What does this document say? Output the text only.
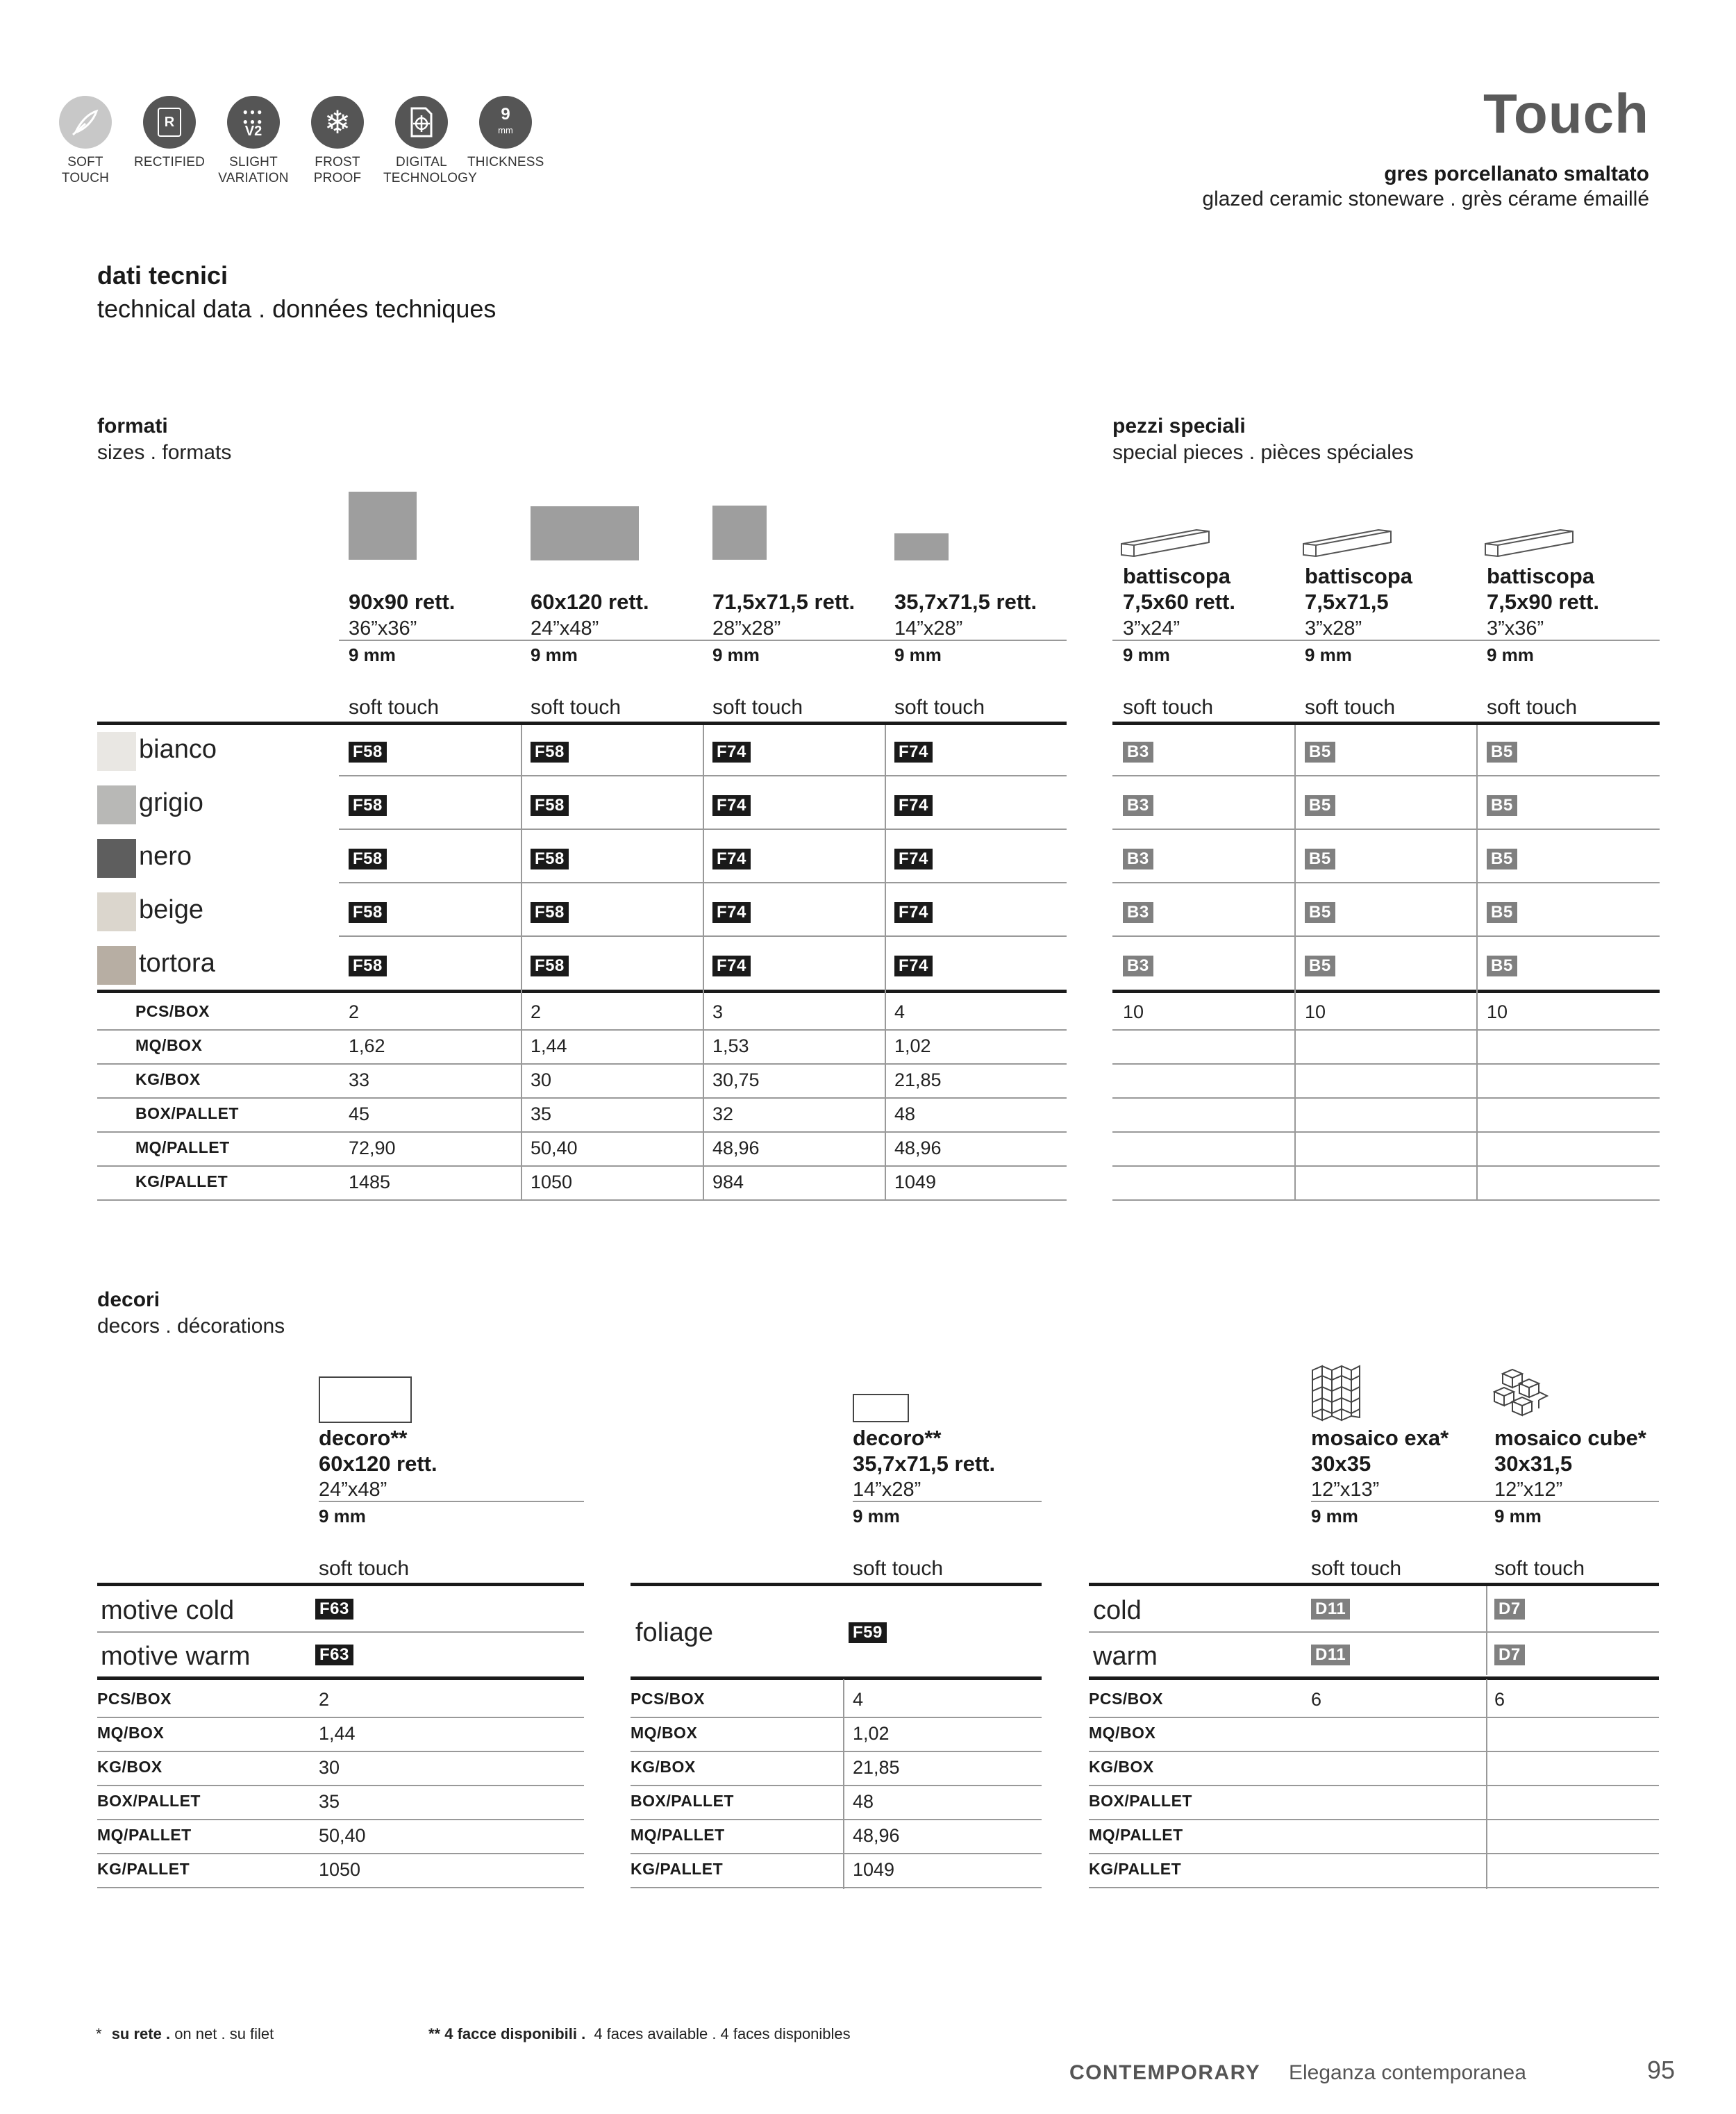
SOFT TOUCH
R
RECTIFIED
●●●
●●●
V2
SLIGHT
VARIATION
❄
FROST
PROOF
DIGITAL
TECHNOLOGY
9
mm
THICKNESS
Touch
gres porcellanato smaltato
glazed ceramic stoneware . grès cérame émaillé
dati tecnici
technical data . données techniques
formati
sizes . formats
pezzi speciali
special pieces . pièces spéciales
90x90 rett.
36”x36”
9 mm
soft touch
60x120 rett.
24”x48”
9 mm
soft touch
71,5x71,5 rett.
28”x28”
9 mm
soft touch
35,7x71,5 rett.
14”x28”
9 mm
soft touch
bianco	F58	F58	F74	F74
grigio	F58	F58	F74	F74
nero	F58	F58	F74	F74
beige	F58	F58	F74	F74
tortora	F58	F58	F74	F74
PCS/BOX	2	2	3	4
MQ/BOX	1,62	1,44	1,53	1,02
KG/BOX	33	30	30,75	21,85
BOX/PALLET	45	35	32	48
MQ/PALLET	72,90	50,40	48,96	48,96
KG/PALLET	1485	1050	984	1049
battiscopa
7,5x60 rett.
3”x24”
9 mm
soft touch
battiscopa
7,5x71,5
3”x28”
9 mm
soft touch
battiscopa
7,5x90 rett.
3”x36”
9 mm
soft touch
B3	B5	B5
B3	B5	B5
B3	B5	B5
B3	B5	B5
B3	B5	B5
10	10	10
decori
decors . décorations
decoro**
60x120 rett.
24”x48”
9 mm
soft touch
motive cold	F63
motive warm	F63
PCS/BOX	2
MQ/BOX	1,44
KG/BOX	30
BOX/PALLET	35
MQ/PALLET	50,40
KG/PALLET	1050
decoro**
35,7x71,5 rett.
14”x28”
9 mm
soft touch
foliage	F59
PCS/BOX	4
MQ/BOX	1,02
KG/BOX	21,85
BOX/PALLET	48
MQ/PALLET	48,96
KG/PALLET	1049
mosaico exa*
30x35
12”x13”
9 mm
soft touch
mosaico cube*
30x31,5
12”x12”
9 mm
soft touch
cold	D11	D7
warm	D11	D7
PCS/BOX	6	6
MQ/BOX
KG/BOX
BOX/PALLET
MQ/PALLET
KG/PALLET
* su rete . on net . su filet	** 4 facce disponibili . 4 faces available . 4 faces disponibles
CONTEMPORARY Eleganza contemporanea	95
